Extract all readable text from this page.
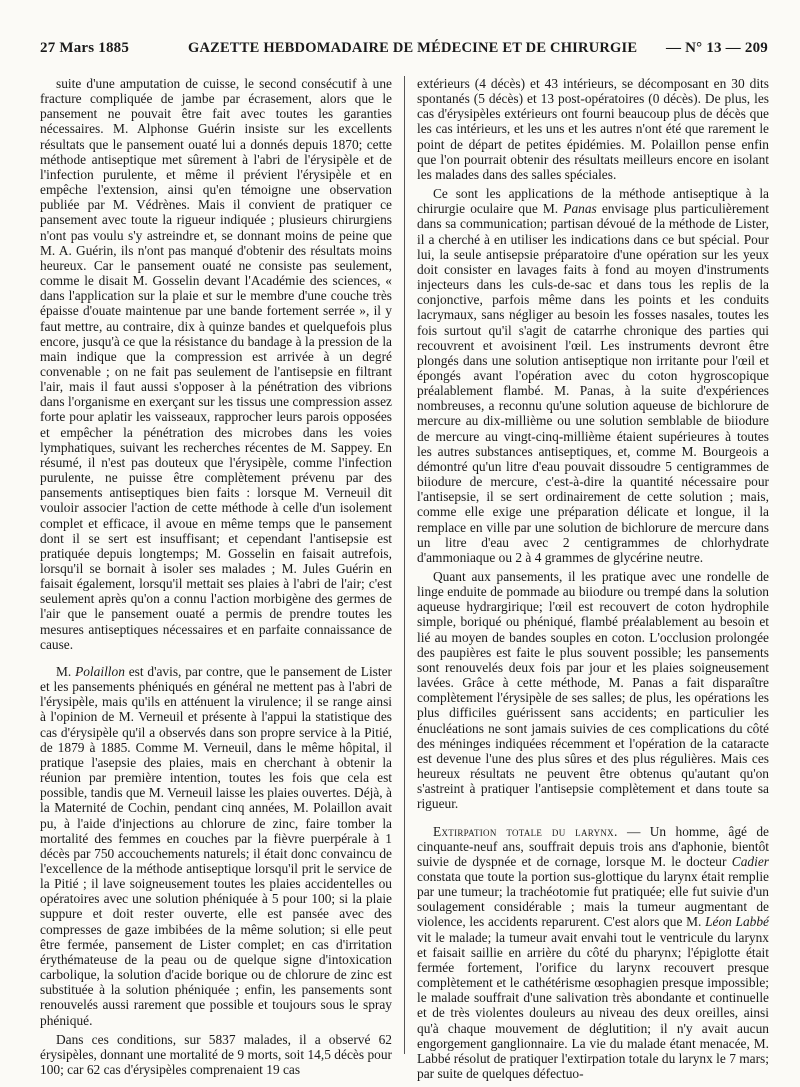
27 Mars 1885	GAZETTE HEBDOMADAIRE DE MÉDECINE ET DE CHIRURGIE — N° 13 — 209

suite d'une amputation de cuisse, le second consécutif à une fracture compliquée de jambe par écrasement, alors que le pansement ne pouvait être fait avec toutes les garanties nécessaires. M. Alphonse Guérin insiste sur les excellents résultats que le pansement ouaté lui a donnés depuis 1870; cette méthode antiseptique met sûrement à l'abri de l'érysipèle et de l'infection purulente, et même il prévient l'érysipèle et en empêche l'extension, ainsi qu'en témoigne une observation publiée par M. Védrènes. Mais il convient de pratiquer ce pansement avec toute la rigueur indiquée ; plusieurs chirurgiens n'ont pas voulu s'y astreindre et, se donnant moins de peine que M. A. Guérin, ils n'ont pas manqué d'obtenir des résultats moins heureux. Car le pansement ouaté ne consiste pas seulement, comme le disait M. Gosselin devant l'Académie des sciences, « dans l'application sur la plaie et sur le membre d'une couche très épaisse d'ouate maintenue par une bande fortement serrée », il y faut mettre, au contraire, dix à quinze bandes et quelquefois plus encore, jusqu'à ce que la résistance du bandage à la pression de la main indique que la compression est arrivée à un degré convenable ; on ne fait pas seulement de l'antisepsie en filtrant l'air, mais il faut aussi s'opposer à la pénétration des vibrions dans l'organisme en exerçant sur les tissus une compression assez forte pour aplatir les vaisseaux, rapprocher leurs parois opposées et empêcher la pénétration des microbes dans les voies lymphatiques, suivant les recherches récentes de M. Sappey. En résumé, il n'est pas douteux que l'érysipèle, comme l'infection purulente, ne puisse être complètement prévenu par des pansements antiseptiques bien faits : lorsque M. Verneuil dit vouloir associer l'action de cette méthode à celle d'un isolement complet et efficace, il avoue en même temps que le pansement dont il se sert est insuffisant; et cependant l'antisepsie est pratiquée depuis longtemps; M. Gosselin en faisait autrefois, lorsqu'il se bornait à isoler ses malades ; M. Jules Guérin en faisait également, lorsqu'il mettait ses plaies à l'abri de l'air; c'est seulement après qu'on a connu l'action morbigène des germes de l'air que le pansement ouaté a permis de prendre toutes les mesures antiseptiques nécessaires et en parfaite connaissance de cause.

M. Polaillon est d'avis, par contre, que le pansement de Lister et les pansements phéniqués en général ne mettent pas à l'abri de l'érysipèle, mais qu'ils en atténuent la virulence; il se range ainsi à l'opinion de M. Verneuil et présente à l'appui la statistique des cas d'érysipèle qu'il a observés dans son propre service à la Pitié, de 1879 à 1885. Comme M. Verneuil, dans le même hôpital, il pratique l'asepsie des plaies, mais en cherchant à obtenir la réunion par première intention, toutes les fois que cela est possible, tandis que M. Verneuil laisse les plaies ouvertes. Déjà, à la Maternité de Cochin, pendant cinq années, M. Polaillon avait pu, à l'aide d'injections au chlorure de zinc, faire tomber la mortalité des femmes en couches par la fièvre puerpérale à 1 décès par 750 accouchements naturels; il était donc convaincu de l'excellence de la méthode antiseptique lorsqu'il prit le service de la Pitié ; il lave soigneusement toutes les plaies accidentelles ou opératoires avec une solution phéniquée à 5 pour 100; si la plaie suppure et doit rester ouverte, elle est pansée avec des compresses de gaze imbibées de la même solution; si elle peut être fermée, pansement de Lister complet; en cas d'irritation érythémateuse de la peau ou de quelque signe d'intoxication carbolique, la solution d'acide borique ou de chlorure de zinc est substituée à la solution phéniquée ; enfin, les pansements sont renouvelés aussi rarement que possible et toujours sous le spray phéniqué.

Dans ces conditions, sur 5837 malades, il a observé 62 érysipèles, donnant une mortalité de 9 morts, soit 14,5 décès pour 100; car 62 cas d'érysipèles comprenaient 19 cas

extérieurs (4 décès) et 43 intérieurs, se décomposant en 30 dits spontanés (5 décès) et 13 post-opératoires (0 décès). De plus, les cas d'érysipèles extérieurs ont fourni beaucoup plus de décès que les cas intérieurs, et les uns et les autres n'ont été que rarement le point de départ de petites épidémies. M. Polaillon pense enfin que l'on pourrait obtenir des résultats meilleurs encore en isolant les malades dans des salles spéciales.

Ce sont les applications de la méthode antiseptique à la chirurgie oculaire que M. Panas envisage plus particulièrement dans sa communication; partisan dévoué de la méthode de Lister, il a cherché à en utiliser les indications dans ce but spécial. Pour lui, la seule antisepsie préparatoire d'une opération sur les yeux doit consister en lavages faits à fond au moyen d'instruments injecteurs dans les culs-de-sac et dans tous les replis de la conjonctive, parfois même dans les points et les conduits lacrymaux, sans négliger au besoin les fosses nasales, toutes les fois surtout qu'il s'agit de catarrhe chronique des parties qui recouvrent et avoisinent l'œil. Les instruments devront être plongés dans une solution antiseptique non irritante pour l'œil et épongés avant l'opération avec du coton hygroscopique préalablement flambé. M. Panas, à la suite d'expériences nombreuses, a reconnu qu'une solution aqueuse de bichlorure de mercure au dix-millième ou une solution semblable de biiodure de mercure au vingt-cinq-millième étaient supérieures à toutes les autres substances antiseptiques, et, comme M. Bourgeois a démontré qu'un litre d'eau pouvait dissoudre 5 centigrammes de biiodure de mercure, c'est-à-dire la quantité nécessaire pour l'antisepsie, il se sert ordinairement de cette solution ; mais, comme elle exige une préparation délicate et longue, il la remplace en ville par une solution de bichlorure de mercure dans un litre d'eau avec 2 centigrammes de chlorhydrate d'ammoniaque ou 2 à 4 grammes de glycérine neutre.

Quant aux pansements, il les pratique avec une rondelle de linge enduite de pommade au biiodure ou trempé dans la solution aqueuse hydrargirique; l'œil est recouvert de coton hydrophile simple, boriqué ou phéniqué, flambé préalablement au besoin et lié au moyen de bandes souples en coton. L'occlusion prolongée des paupières est faite le plus souvent possible; les pansements sont renouvelés deux fois par jour et les plaies soigneusement lavées. Grâce à cette méthode, M. Panas a fait disparaître complètement l'érysipèle de ses salles; de plus, les opérations les plus difficiles guérissent sans accidents; en particulier les énucléations ne sont jamais suivies de ces complications du côté des méninges indiquées récemment et l'opération de la cataracte est devenue l'une des plus sûres et des plus régulières. Mais ces heureux résultats ne peuvent être obtenus qu'autant qu'on s'astreint à pratiquer l'antisepsie complètement et dans toute sa rigueur.

Extirpation totale du larynx. — Un homme, âgé de cinquante-neuf ans, souffrait depuis trois ans d'aphonie, bientôt suivie de dyspnée et de cornage, lorsque M. le docteur Cadier constata que toute la portion sus-glottique du larynx était remplie par une tumeur; la trachéotomie fut pratiquée; elle fut suivie d'un soulagement considérable ; mais la tumeur augmentant de violence, les accidents reparurent. C'est alors que M. Léon Labbé vit le malade; la tumeur avait envahi tout le ventricule du larynx et faisait saillie en arrière du côté du pharynx; l'épiglotte était fermée fortement, l'orifice du larynx recouvert presque complètement et le cathétérisme œsophagien presque impossible; le malade souffrait d'une salivation très abondante et continuelle et de très violentes douleurs au niveau des deux oreilles, ainsi qu'à chaque mouvement de déglutition; il n'y avait aucun engorgement ganglionnaire. La vie du malade étant menacée, M. Labbé résolut de pratiquer l'extirpation totale du larynx le 7 mars; par suite de quelques défectuo-
